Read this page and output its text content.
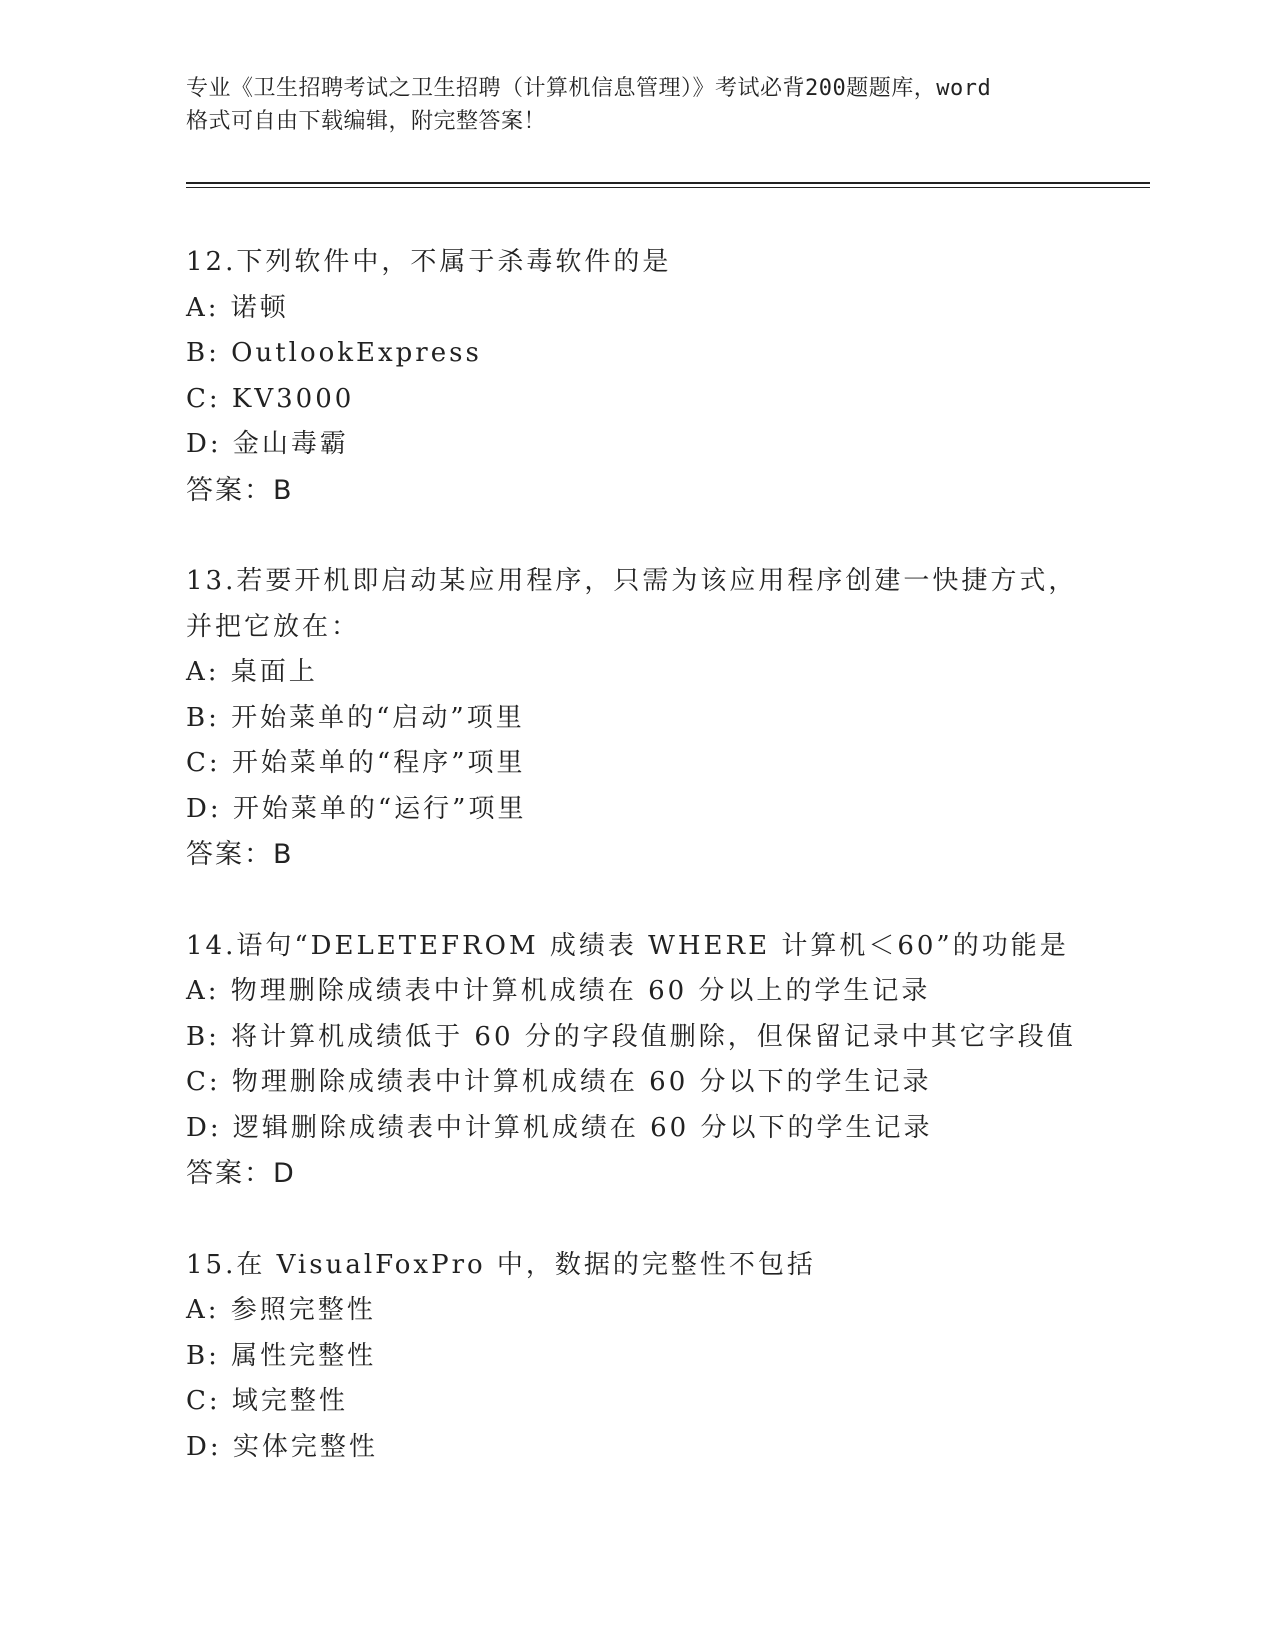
专业《卫生招聘考试之卫生招聘（计算机信息管理）》考试必背200题题库，word

格式可自由下载编辑，附完整答案！

12.下列软件中，不属于杀毒软件的是

A: 诺顿

B: OutlookExpress

C: KV3000

D: 金山毒霸

答案：B

13.若要开机即启动某应用程序，只需为该应用程序创建一快捷方式，

并把它放在：

A: 桌面上

B: 开始菜单的“启动”项里

C: 开始菜单的“程序”项里

D: 开始菜单的“运行”项里

答案：B

14.语句“DELETEFROM 成绩表 WHERE 计算机＜60”的功能是

A: 物理删除成绩表中计算机成绩在 60 分以上的学生记录

B: 将计算机成绩低于 60 分的字段值删除，但保留记录中其它字段值

C: 物理删除成绩表中计算机成绩在 60 分以下的学生记录

D: 逻辑删除成绩表中计算机成绩在 60 分以下的学生记录

答案：D

15.在 VisualFoxPro 中，数据的完整性不包括

A: 参照完整性

B: 属性完整性

C: 域完整性

D: 实体完整性
